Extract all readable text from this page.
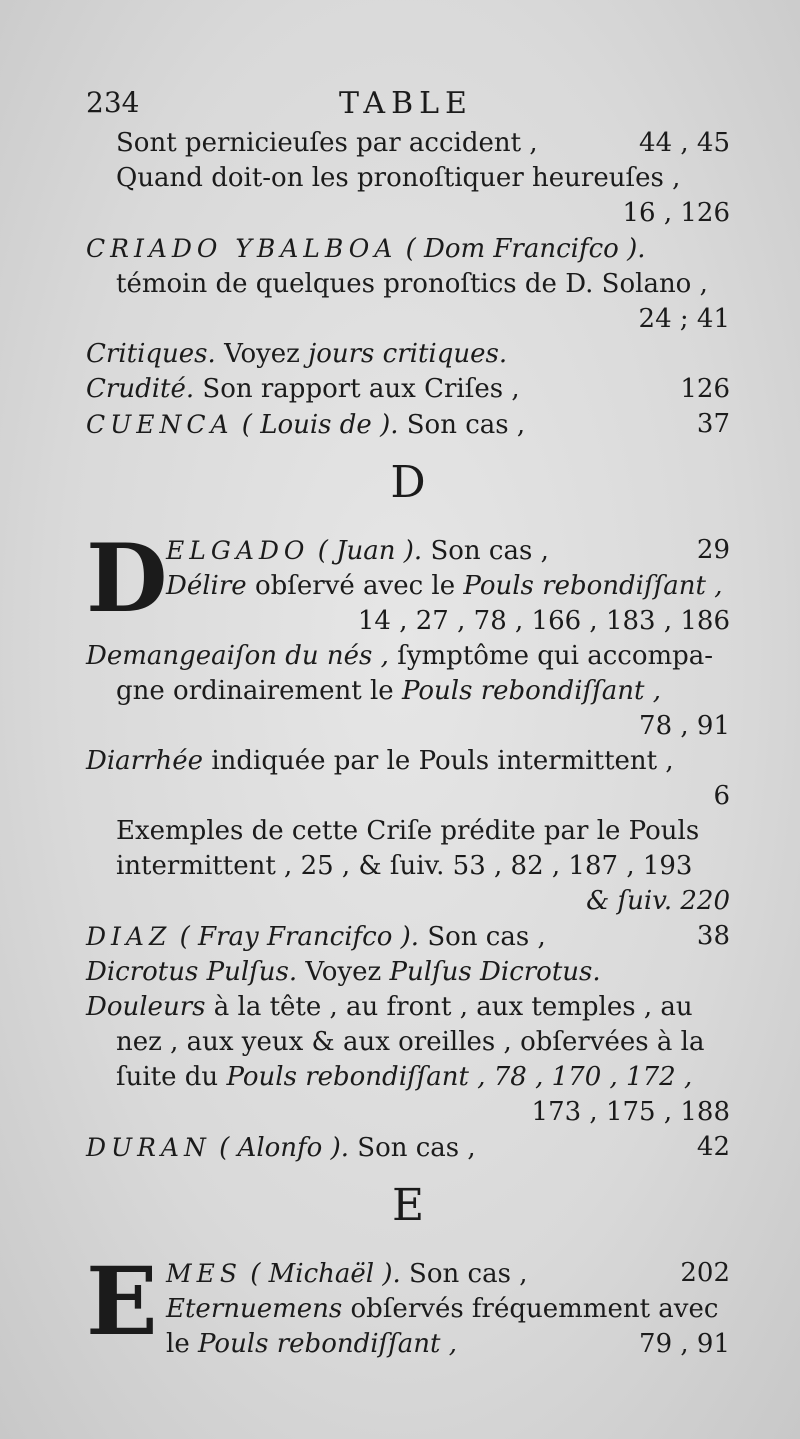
234	TABLE
Sont pernicieuſes par accident ,	44 , 45
Quand doit-on les pronoſtiquer heureuſes ,
16 , 126

CRIADO YBALBOA ( Dom Francifco ).
témoin de quelques pronoſtics de D. Solano ,
24 ; 41

Critiques. Voyez jours critiques.
Crudité. Son rapport aux Criſes ,	126
CUENCA ( Louis de ). Son cas ,	37
D
D
ELGADO ( Juan ). Son cas ,	29
Délire obſervé avec le Pouls rebondiſſant ,
14 , 27 , 78 , 166 , 183 , 186

Demangeaiſon du nés , ſymptôme qui accompa-
gne ordinairement le Pouls rebondiſſant ,
78 , 91

Diarrhée indiquée par le Pouls intermittent ,
6

Exemples de cette Criſe prédite par le Pouls
intermittent , 25 , & ſuiv. 53 , 82 , 187 , 193
& ſuiv. 220

DIAZ ( Fray Francifco ). Son cas ,	38
Dicrotus Pulſus. Voyez Pulſus Dicrotus.
Douleurs à la tête , au front , aux temples , au
nez , aux yeux & aux oreilles , obſervées à la
ſuite du Pouls rebondiſſant , 78 , 170 , 172 ,
173 , 175 , 188

DURAN ( Alonfo ). Son cas ,	42
E
E MES ( Michaël ). Son cas ,	202
Eternuemens obſervés fréquemment avec
le Pouls rebondiſſant ,	79 , 91
